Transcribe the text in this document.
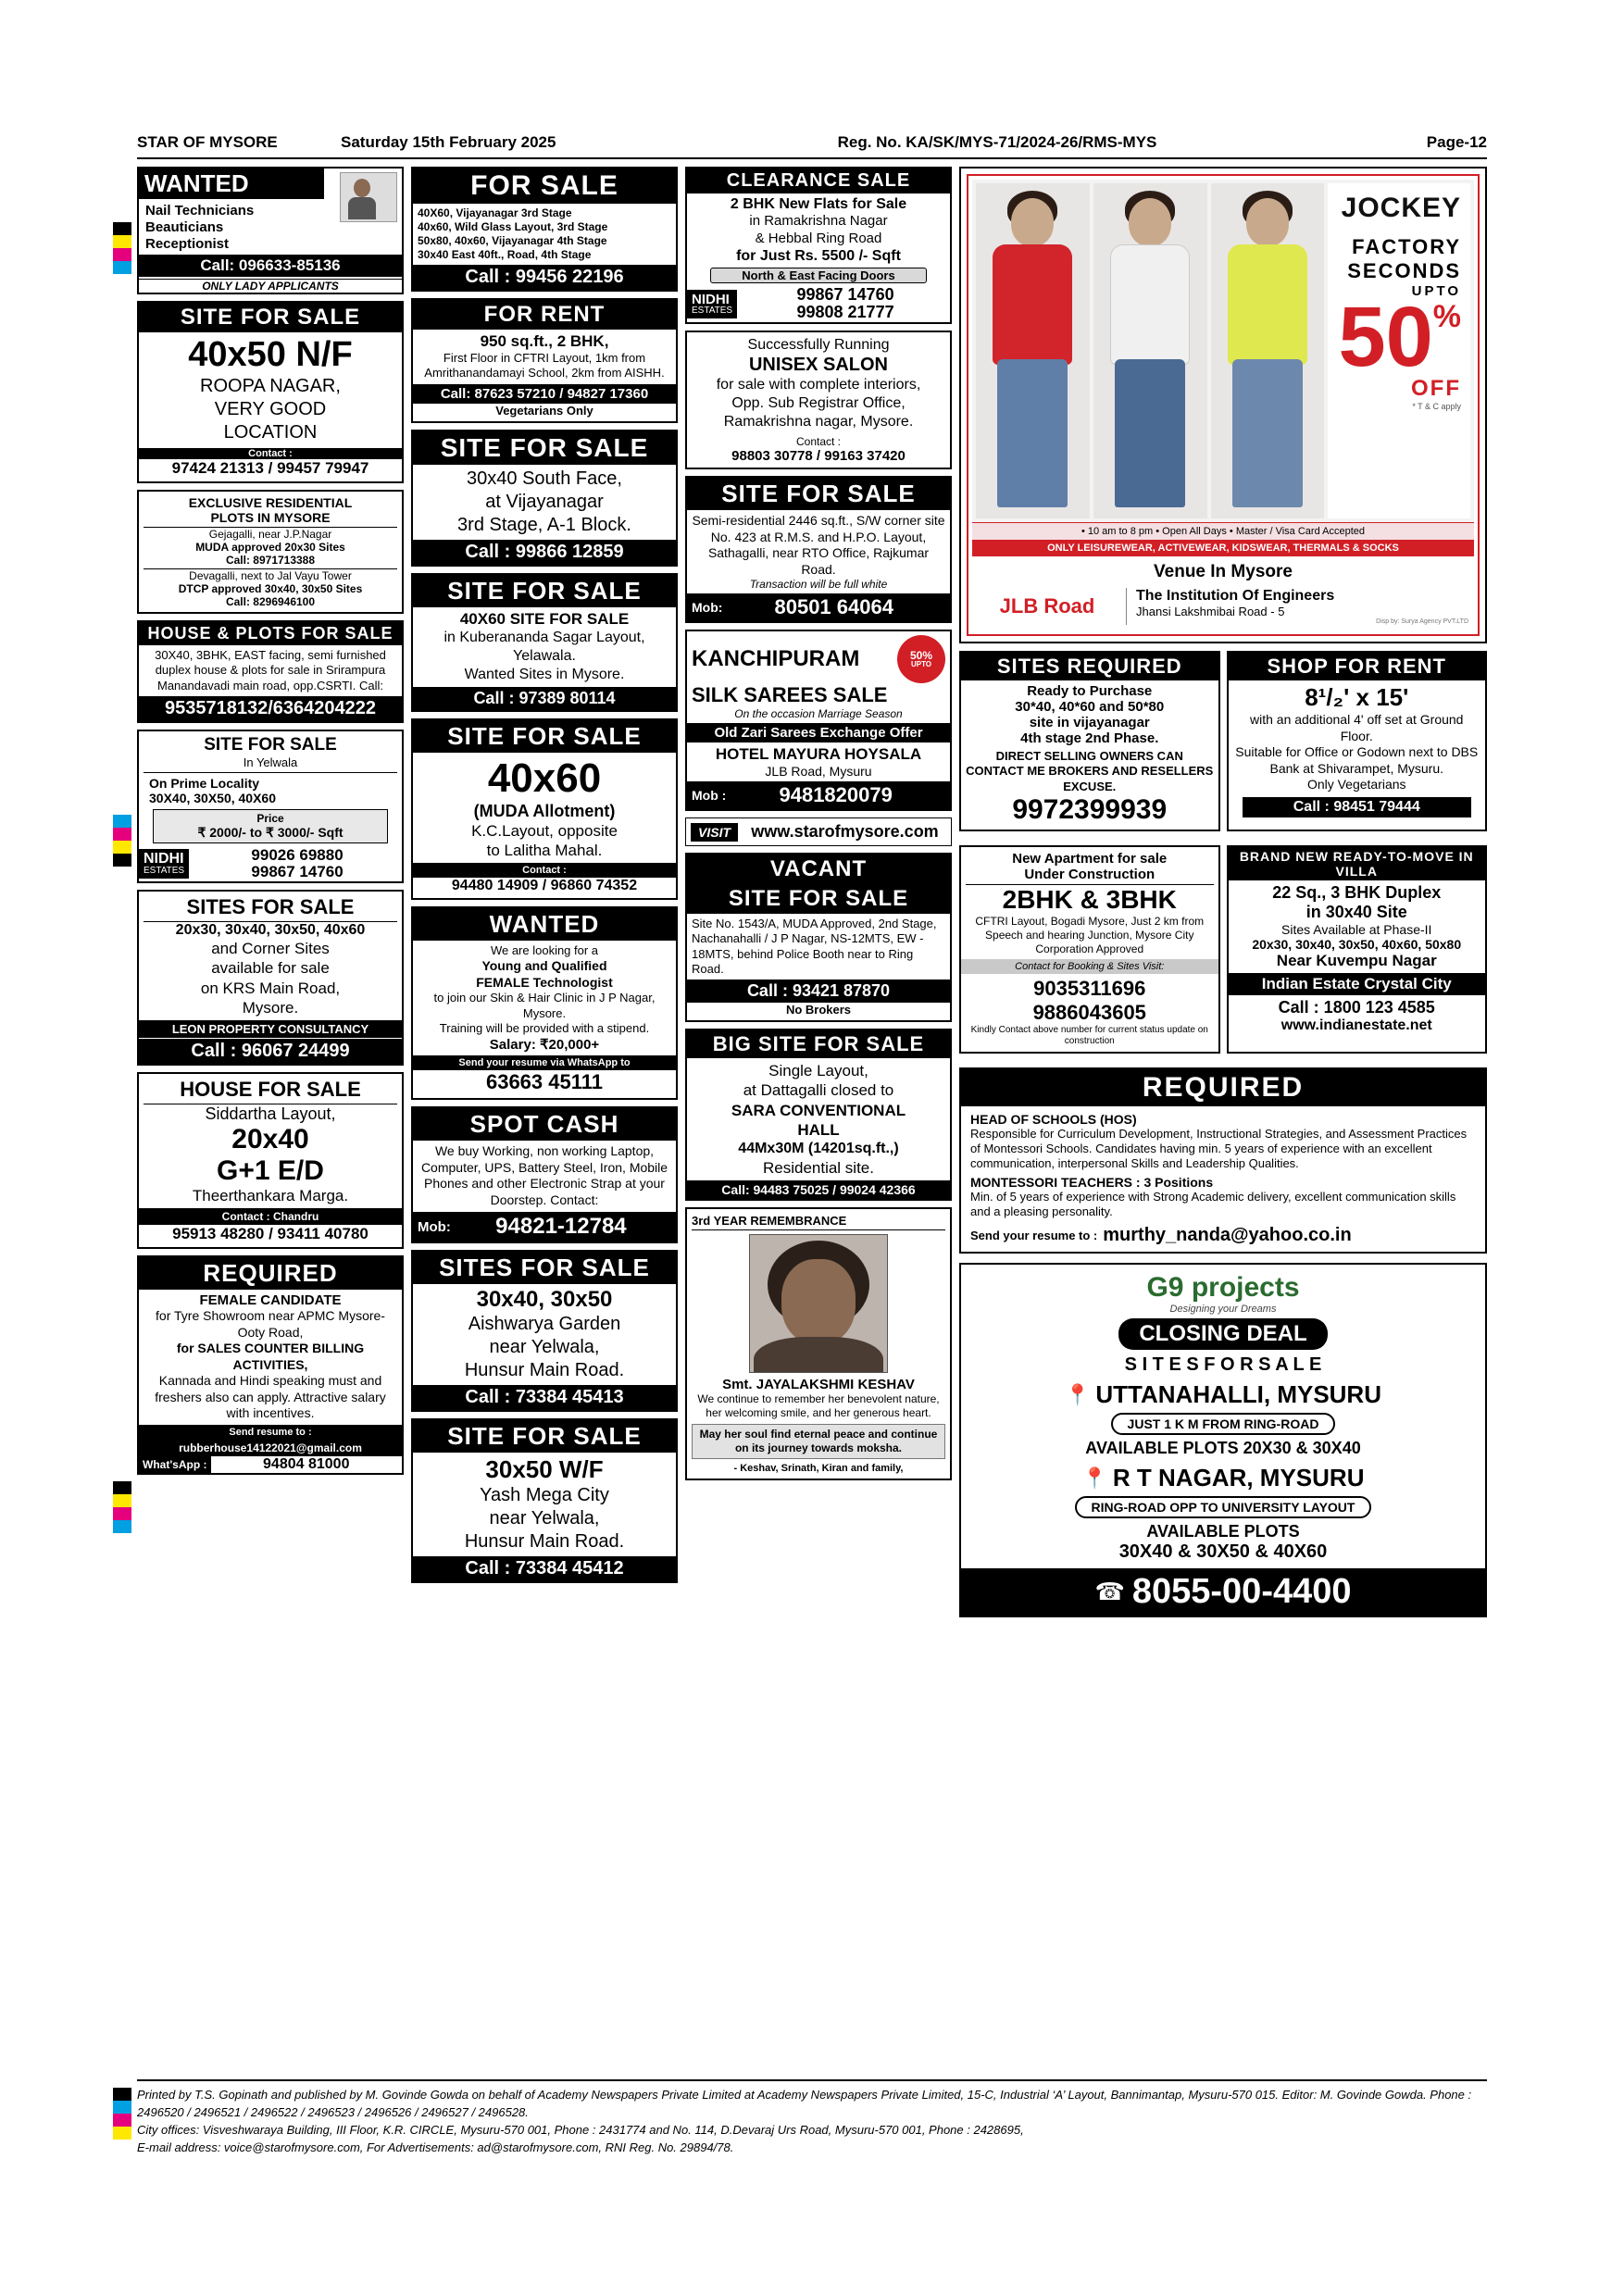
STAR OF MYSORE	Saturday 15th February 2025	Reg. No. KA/SK/MYS-71/2024-26/RMS-MYS	Page-12
WANTED
Nail Technicians
Beauticians
Receptionist
Call: 096633-85136
ONLY LADY APPLICANTS
SITE FOR SALE
40x50 N/F
ROOPA NAGAR,
VERY GOOD
LOCATION
Contact :
97424 21313 / 99457 79947
EXCLUSIVE RESIDENTIAL
PLOTS IN MYSORE
Gejagalli, near J.P.Nagar
MUDA approved 20x30 Sites
Call: 8971713388
Devagalli, next to Jal Vayu Tower
DTCP approved 30x40, 30x50 Sites
Call: 8296946100
HOUSE & PLOTS FOR SALE
30X40, 3BHK, EAST facing, semi furnished duplex house & plots for sale in Srirampura Manandavadi main road, opp.CSRTI. Call:
9535718132/6364204222
SITE FOR SALE
In Yelwala
On Prime Locality
30X40, 30X50, 40X60
Price
₹ 2000/- to ₹ 3000/- Sqft
NIDHI
ESTATES
99026 69880
99867 14760
SITES FOR SALE
20x30, 30x40, 30x50, 40x60
and Corner Sites
available for sale
on KRS Main Road,
Mysore.
LEON PROPERTY CONSULTANCY
Call : 96067 24499
HOUSE FOR SALE
Siddartha Layout,
20x40
G+1 E/D
Theerthankara Marga.
Contact : Chandru
95913 48280 / 93411 40780
REQUIRED
FEMALE CANDIDATE
for Tyre Showroom near APMC Mysore-Ooty Road,
for SALES COUNTER BILLING ACTIVITIES,
Kannada and Hindi speaking must and freshers also can apply. Attractive salary with incentives.
Send resume to :
rubberhouse14122021@gmail.com
What'sApp :	94804 81000
FOR SALE
40X60, Vijayanagar 3rd Stage
40x60, Wild Glass Layout, 3rd Stage
50x80, 40x60, Vijayanagar 4th Stage
30x40 East 40ft., Road, 4th Stage
Call : 99456 22196
FOR RENT
950 sq.ft., 2 BHK,
First Floor in CFTRI Layout, 1km from Amrithanandamayi School, 2km from AISHH.
Call: 87623 57210 / 94827 17360
Vegetarians Only
SITE FOR SALE
30x40 South Face,
at Vijayanagar
3rd Stage, A-1 Block.
Call : 99866 12859
SITE FOR SALE
40X60 SITE FOR SALE
in Kuberananda Sagar Layout, Yelawala.
Wanted Sites in Mysore.
Call : 97389 80114
SITE FOR SALE
40x60
(MUDA Allotment)
K.C.Layout, opposite
to Lalitha Mahal.
Contact :
94480 14909 / 96860 74352
WANTED
We are looking for a
Young and Qualified
FEMALE Technologist
to join our Skin & Hair Clinic in J P Nagar, Mysore.
Training will be provided with a stipend.
Salary: ₹20,000+
Send your resume via WhatsApp to
63663 45111
SPOT CASH
We buy Working, non working Laptop, Computer, UPS, Battery Steel, Iron, Mobile Phones and other Electronic Strap at your Doorstep. Contact:
Mob:	94821-12784
SITES FOR SALE
30x40, 30x50
Aishwarya Garden
near Yelwala,
Hunsur Main Road.
Call : 73384 45413
SITE FOR SALE
30x50 W/F
Yash Mega City
near Yelwala,
Hunsur Main Road.
Call : 73384 45412
CLEARANCE SALE
2 BHK New Flats for Sale
in Ramakrishna Nagar
& Hebbal Ring Road
for Just Rs. 5500 /- Sqft
North & East Facing Doors
NIDHI
ESTATES
99867 14760
99808 21777
Successfully Running
UNISEX SALON
for sale with complete interiors,
Opp. Sub Registrar Office, Ramakrishna nagar, Mysore.
Contact :
98803 30778 / 99163 37420
SITE FOR SALE
Semi-residential 2446 sq.ft., S/W corner site No. 423 at R.M.S. and H.P.O. Layout, Sathagalli, near RTO Office, Rajkumar Road.
Transaction will be full white
Mob:	80501 64064
KANCHIPURAM	50%
UPTO
SILK SAREES SALE
On the occasion Marriage Season
Old Zari Sarees Exchange Offer
HOTEL MAYURA HOYSALA
JLB Road, Mysuru
Mob :	9481820079
VISIT	www.starofmysore.com
VACANT
SITE FOR SALE
Site No. 1543/A, MUDA Approved, 2nd Stage, Nachanahalli / J P Nagar, NS-12MTS, EW - 18MTS, behind Police Booth near to Ring Road.
Call : 93421 87870
No Brokers
BIG SITE FOR SALE
Single Layout,
at Dattagalli closed to
SARA CONVENTIONAL
HALL
44Mx30M (14201sq.ft.,)
Residential site.
Call: 94483 75025 / 99024 42366
3rd YEAR REMEMBRANCE
Smt. JAYALAKSHMI KESHAV
We continue to remember her benevolent nature, her welcoming smile, and her generous heart.
May her soul find eternal peace and continue on its journey towards moksha.
- Keshav, Srinath, Kiran and family,
JOCKEY
FACTORY
SECONDS
UPTO
50 %
OFF
* T & C apply
• 10 am to 8 pm • Open All Days • Master / Visa Card Accepted
ONLY LEISUREWEAR, ACTIVEWEAR, KIDSWEAR, THERMALS & SOCKS
Venue In Mysore
JLB Road	The Institution Of Engineers
Jhansi Lakshmibai Road - 5
Disp by: Surya Agency PVT.LTD
SITES REQUIRED
Ready to Purchase
30*40, 40*60 and 50*80
site in vijayanagar
4th stage 2nd Phase.
DIRECT SELLING OWNERS CAN CONTACT ME BROKERS AND RESELLERS EXCUSE.
9972399939
SHOP FOR RENT
8¹/₂' x 15'
with an additional 4' off set at Ground Floor.
Suitable for Office or Godown next to DBS Bank at Shivarampet, Mysuru.
Only Vegetarians
Call : 98451 79444
New Apartment for sale
Under Construction
2BHK & 3BHK
CFTRI Layout, Bogadi Mysore, Just 2 km from Speech and hearing Junction, Mysore City Corporation Approved
Contact for Booking & Sites Visit:
9035311696
9886043605
Kindly Contact above number for current status update on construction
BRAND NEW READY-TO-MOVE IN VILLA
22 Sq., 3 BHK Duplex
in 30x40 Site
Sites Available at Phase-II
20x30, 30x40, 30x50, 40x60, 50x80
Near Kuvempu Nagar
Indian Estate Crystal City
Call : 1800 123 4585
www.indianestate.net
REQUIRED
HEAD OF SCHOOLS (HOS)
Responsible for Curriculum Development, Instructional Strategies, and Assessment Practices of Montessori Schools. Candidates having min. 5 years of experience with an excellent communication, interpersonal Skills and Leadership Qualities.
MONTESSORI TEACHERS : 3 Positions
Min. of 5 years of experience with Strong Academic delivery, excellent communication skills and a pleasing personality.
Send your resume to : murthy_nanda@yahoo.co.in
G9 projects
Designing your Dreams
CLOSING DEAL
S I T E S F O R S A L E
📍 UTTANAHALLI, MYSURU
JUST 1 K M FROM RING-ROAD
AVAILABLE PLOTS 20X30 & 30X40
📍 R T NAGAR, MYSURU
RING-ROAD OPP TO UNIVERSITY LAYOUT
AVAILABLE PLOTS
30X40 & 30X50 & 40X60
☎ 8055-00-4400
Printed by T.S. Gopinath and published by M. Govinde Gowda on behalf of Academy Newspapers Private Limited at Academy Newspapers Private Limited, 15-C, Industrial ‘A’ Layout, Bannimantap, Mysuru-570 015. Editor: M. Govinde Gowda. Phone : 2496520 / 2496521 / 2496522 / 2496523 / 2496526 / 2496527 / 2496528.
City offices: Visveshwaraya Building, III Floor, K.R. CIRCLE, Mysuru-570 001, Phone : 2431774 and No. 114, D.Devaraj Urs Road, Mysuru-570 001, Phone : 2428695,
E-mail address: voice@starofmysore.com, For Advertisements: ad@starofmysore.com, RNI Reg. No. 29894/78.
